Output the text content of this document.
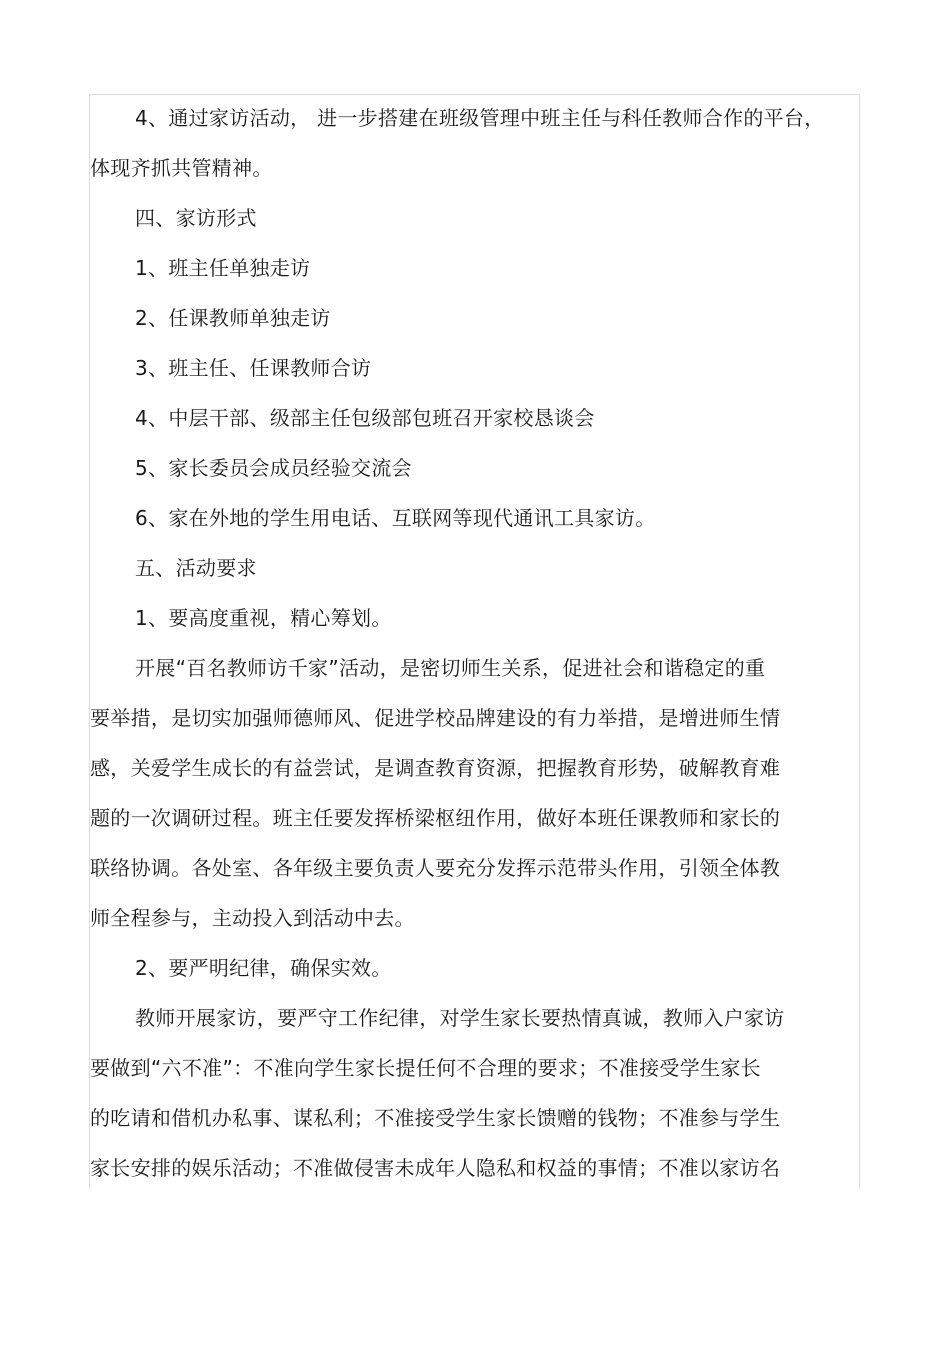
4、通过家访活动， 进一步搭建在班级管理中班主任与科任教师合作的平台，
体现齐抓共管精神。
四、家访形式
1、班主任单独走访
2、任课教师单独走访
3、班主任、任课教师合访
4、中层干部、级部主任包级部包班召开家校恳谈会
5、家长委员会成员经验交流会
6、家在外地的学生用电话、互联网等现代通讯工具家访。
五、活动要求
1、要高度重视，精心筹划。
开展“百名教师访千家”活动，是密切师生关系，促进社会和谐稳定的重
要举措，是切实加强师德师风、促进学校品牌建设的有力举措，是增进师生情
感，关爱学生成长的有益尝试，是调查教育资源，把握教育形势，破解教育难
题的一次调研过程。班主任要发挥桥梁枢纽作用，做好本班任课教师和家长的
联络协调。各处室、各年级主要负责人要充分发挥示范带头作用，引领全体教
师全程参与，主动投入到活动中去。
2、要严明纪律，确保实效。
教师开展家访，要严守工作纪律，对学生家长要热情真诚，教师入户家访
要做到“六不准”：不准向学生家长提任何不合理的要求；不准接受学生家长
的吃请和借机办私事、谋私利；不准接受学生家长馈赠的钱物；不准参与学生
家长安排的娱乐活动；不准做侵害未成年人隐私和权益的事情；不准以家访名
